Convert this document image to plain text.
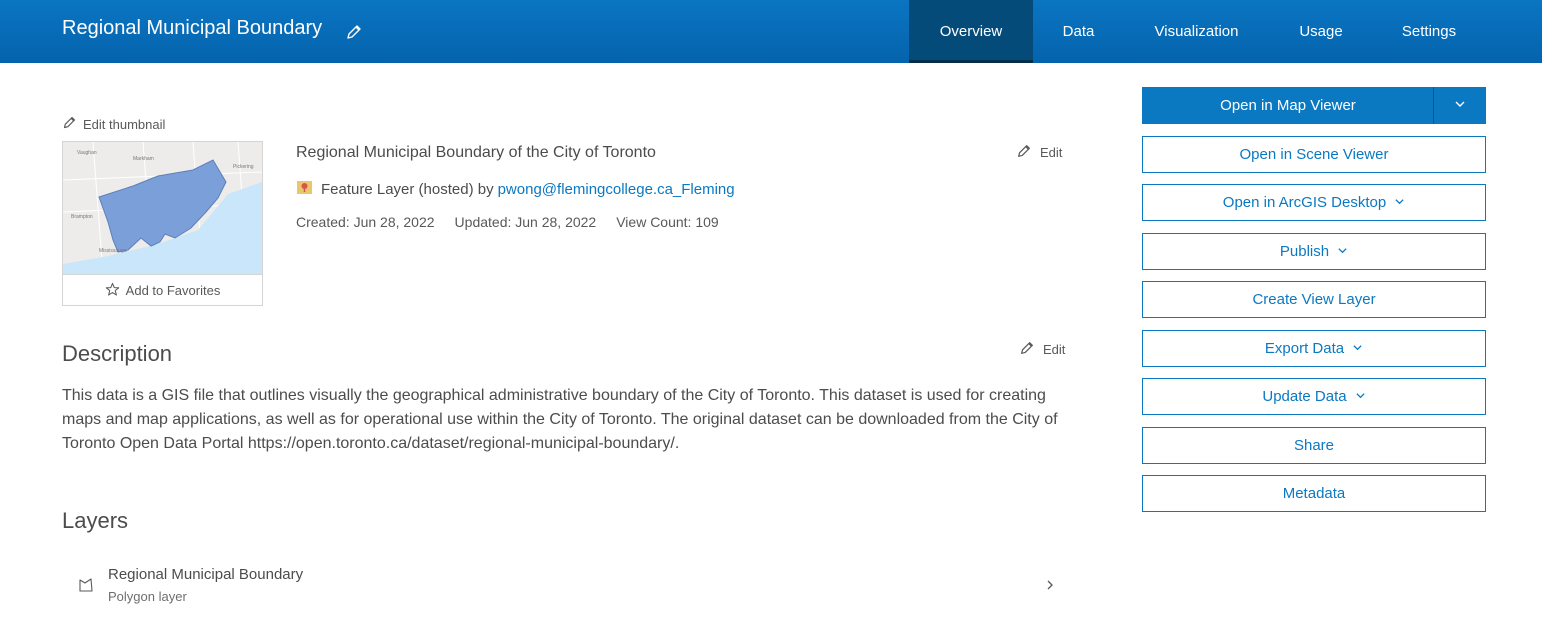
Regional Municipal Boundary	Overview	Data	Visualization	Usage	Settings
Edit thumbnail
Vaughan
Markham
Pickering
Brampton
Mississauga
Add to Favorites
Regional Municipal Boundary of the City of Toronto	Edit
Feature Layer (hosted) by pwong@flemingcollege.ca_Fleming
Created: Jun 28, 2022 Updated: Jun 28, 2022 View Count: 109
Description	Edit
This data is a GIS file that outlines visually the geographical administrative boundary of the City of Toronto. This dataset is used for creating maps and map applications, as well as for operational use within the City of Toronto. The original dataset can be downloaded from the City of Toronto Open Data Portal https://open.toronto.ca/dataset/regional-municipal-boundary/.
Layers
Regional Municipal Boundary
Polygon layer
Open in Map Viewer
Open in Scene Viewer
Open in ArcGIS Desktop
Publish
Create View Layer
Export Data
Update Data
Share
Metadata
